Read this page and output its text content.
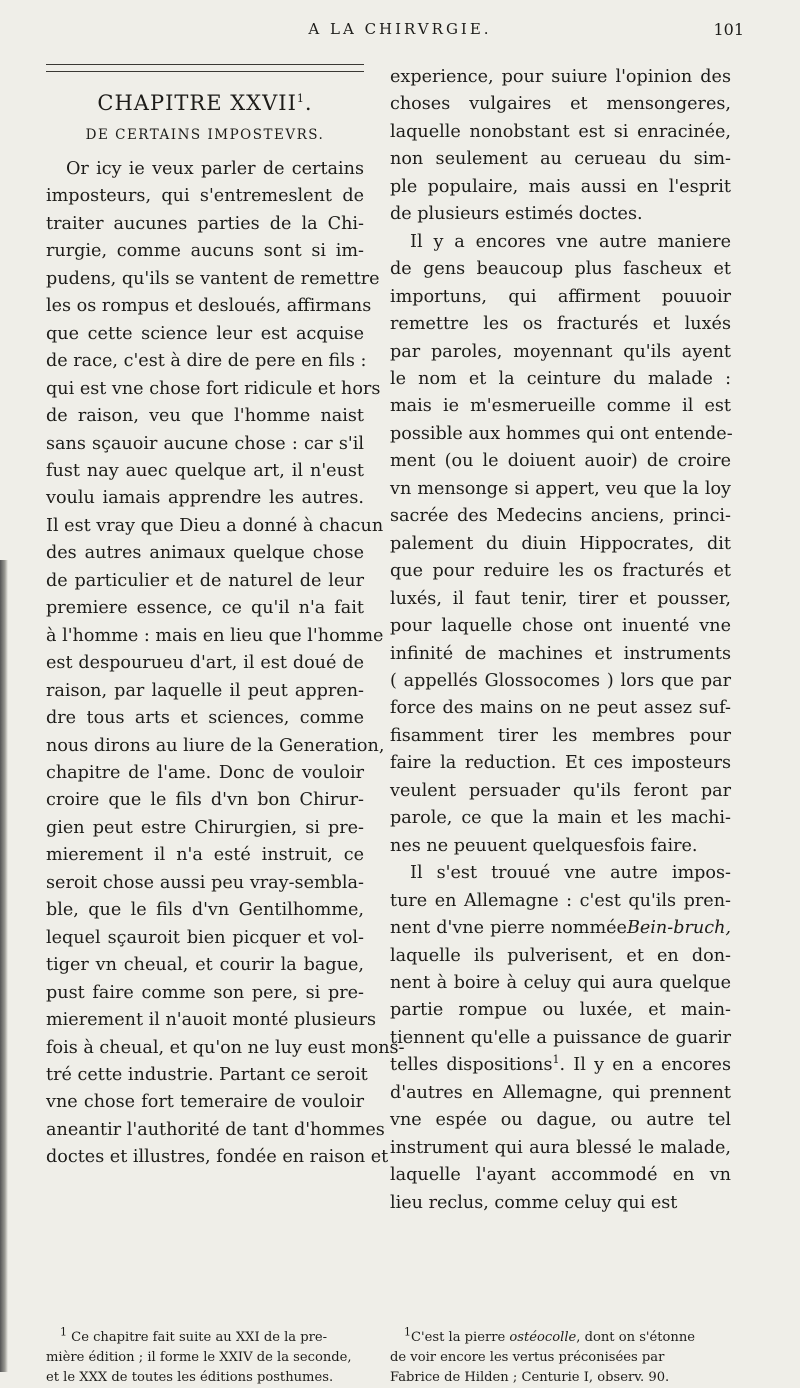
A LA CHIRVRGIE.	101
CHAPITRE XXVII$^1$.
DE CERTAINS IMPOSTEVRS.
Or icy ie veux parler de certains
imposteurs, qui s'entremeslent de
traiter aucunes parties de la Chi-
rurgie, comme aucuns sont si im-
pudens, qu'ils se vantent de remettre
les os rompus et desloués, affirmans
que cette science leur est acquise
de race, c'est à dire de pere en fils :
qui est vne chose fort ridicule et hors
de raison, veu que l'homme naist
sans sçauoir aucune chose : car s'il
fust nay auec quelque art, il n'eust
voulu iamais apprendre les autres.
Il est vray que Dieu a donné à chacun
des autres animaux quelque chose
de particulier et de naturel de leur
premiere essence, ce qu'il n'a fait
à l'homme : mais en lieu que l'homme
est despourueu d'art, il est doué de
raison, par laquelle il peut appren-
dre tous arts et sciences, comme
nous dirons au liure de la Generation,
chapitre de l'ame. Donc de vouloir
croire que le fils d'vn bon Chirur-
gien peut estre Chirurgien, si pre-
mierement il n'a esté instruit, ce
seroit chose aussi peu vray-sembla-
ble, que le fils d'vn Gentilhomme,
lequel sçauroit bien picquer et vol-
tiger vn cheual, et courir la bague,
pust faire comme son pere, si pre-
mierement il n'auoit monté plusieurs
fois à cheual, et qu'on ne luy eust mons-
tré cette industrie. Partant ce seroit
vne chose fort temeraire de vouloir
aneantir l'authorité de tant d'hommes
doctes et illustres, fondée en raison et
experience, pour suiure l'opinion des
choses vulgaires et mensongeres,
laquelle nonobstant est si enracinée,
non seulement au cerueau du sim-
ple populaire, mais aussi en l'esprit
de plusieurs estimés doctes.
Il y a encores vne autre maniere
de gens beaucoup plus fascheux et
importuns, qui affirment pouuoir
remettre les os fracturés et luxés
par paroles, moyennant qu'ils ayent
le nom et la ceinture du malade :
mais ie m'esmerueille comme il est
possible aux hommes qui ont entende-
ment (ou le doiuent auoir) de croire
vn mensonge si appert, veu que la loy
sacrée des Medecins anciens, princi-
palement du diuin Hippocrates, dit
que pour reduire les os fracturés et
luxés, il faut tenir, tirer et pousser,
pour laquelle chose ont inuenté vne
infinité de machines et instruments
( appellés Glossocomes ) lors que par
force des mains on ne peut assez suf-
fisamment tirer les membres pour
faire la reduction. Et ces imposteurs
veulent persuader qu'ils feront par
parole, ce que la main et les machi-
nes ne peuuent quelquesfois faire.
Il s'est trouué vne autre impos-
ture en Allemagne : c'est qu'ils pren-
nent d'vne pierre nomméeBein-bruch,
laquelle ils pulverisent, et en don-
nent à boire à celuy qui aura quelque
partie rompue ou luxée, et main-
tiennent qu'elle a puissance de guarir
telles dispositions$^1$. Il y en a encores
d'autres en Allemagne, qui prennent
vne espée ou dague, ou autre tel
instrument qui aura blessé le malade,
laquelle l'ayant accommodé en vn
lieu reclus, comme celuy qui est
$^1$ Ce chapitre fait suite au XXI de la pre-
mière édition ; il forme le XXIV de la seconde,
et le XXX de toutes les éditions posthumes.
$^1$C'est la pierre ostéocolle, dont on s'étonne
de voir encore les vertus préconisées par
Fabrice de Hilden ; Centurie I, observ. 90.
